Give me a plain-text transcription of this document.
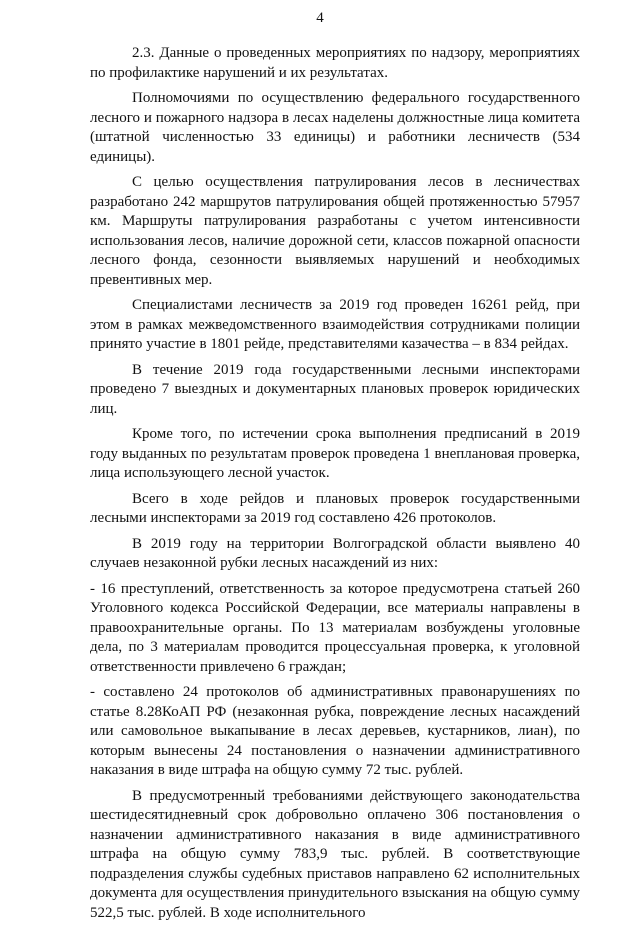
4

2.3. Данные о проведенных мероприятиях по надзору, мероприятиях по профилактике нарушений и их результатах.

Полномочиями по осуществлению федерального государственного лесного и пожарного надзора в лесах наделены должностные лица комитета (штатной численностью 33 единицы) и работники лесничеств (534 единицы).

С целью осуществления патрулирования лесов в лесничествах разработано 242 маршрутов патрулирования общей протяженностью 57957 км. Маршруты патрулирования разработаны с учетом интенсивности использования лесов, наличие дорожной сети, классов пожарной опасности лесного фонда, сезонности выявляемых нарушений и необходимых превентивных мер.

Специалистами лесничеств за 2019 год проведен 16261 рейд, при этом в рамках межведомственного взаимодействия сотрудниками полиции принято участие в 1801 рейде, представителями казачества – в 834 рейдах.

В течение 2019 года государственными лесными инспекторами проведено 7 выездных и документарных плановых проверок юридических лиц.

Кроме того, по истечении срока выполнения предписаний в 2019 году выданных по результатам проверок проведена 1 внеплановая проверка, лица использующего лесной участок.

Всего в ходе рейдов и плановых проверок государственными лесными инспекторами за 2019 год составлено 426 протоколов.

В 2019 году на территории Волгоградской области выявлено 40 случаев незаконной рубки лесных насаждений из них:

- 16 преступлений, ответственность за которое предусмотрена статьей 260 Уголовного кодекса Российской Федерации, все материалы направлены в правоохранительные органы. По 13 материалам возбуждены уголовные дела, по 3 материалам проводится процессуальная проверка, к уголовной ответственности привлечено 6 граждан;

- составлено 24 протоколов об административных правонарушениях по статье 8.28КоАП РФ (незаконная рубка, повреждение лесных насаждений или самовольное выкапывание в лесах деревьев, кустарников, лиан), по которым вынесены 24 постановления о назначении административного наказания в виде штрафа на общую сумму 72 тыс. рублей.

В предусмотренный требованиями действующего законодательства шестидесятидневный срок добровольно оплачено 306 постановления о назначении административного наказания в виде административного штрафа на общую сумму 783,9 тыс. рублей. В соответствующие подразделения службы судебных приставов направлено 62 исполнительных документа для осуществления принудительного взыскания на общую сумму 522,5 тыс. рублей. В ходе исполнительного
